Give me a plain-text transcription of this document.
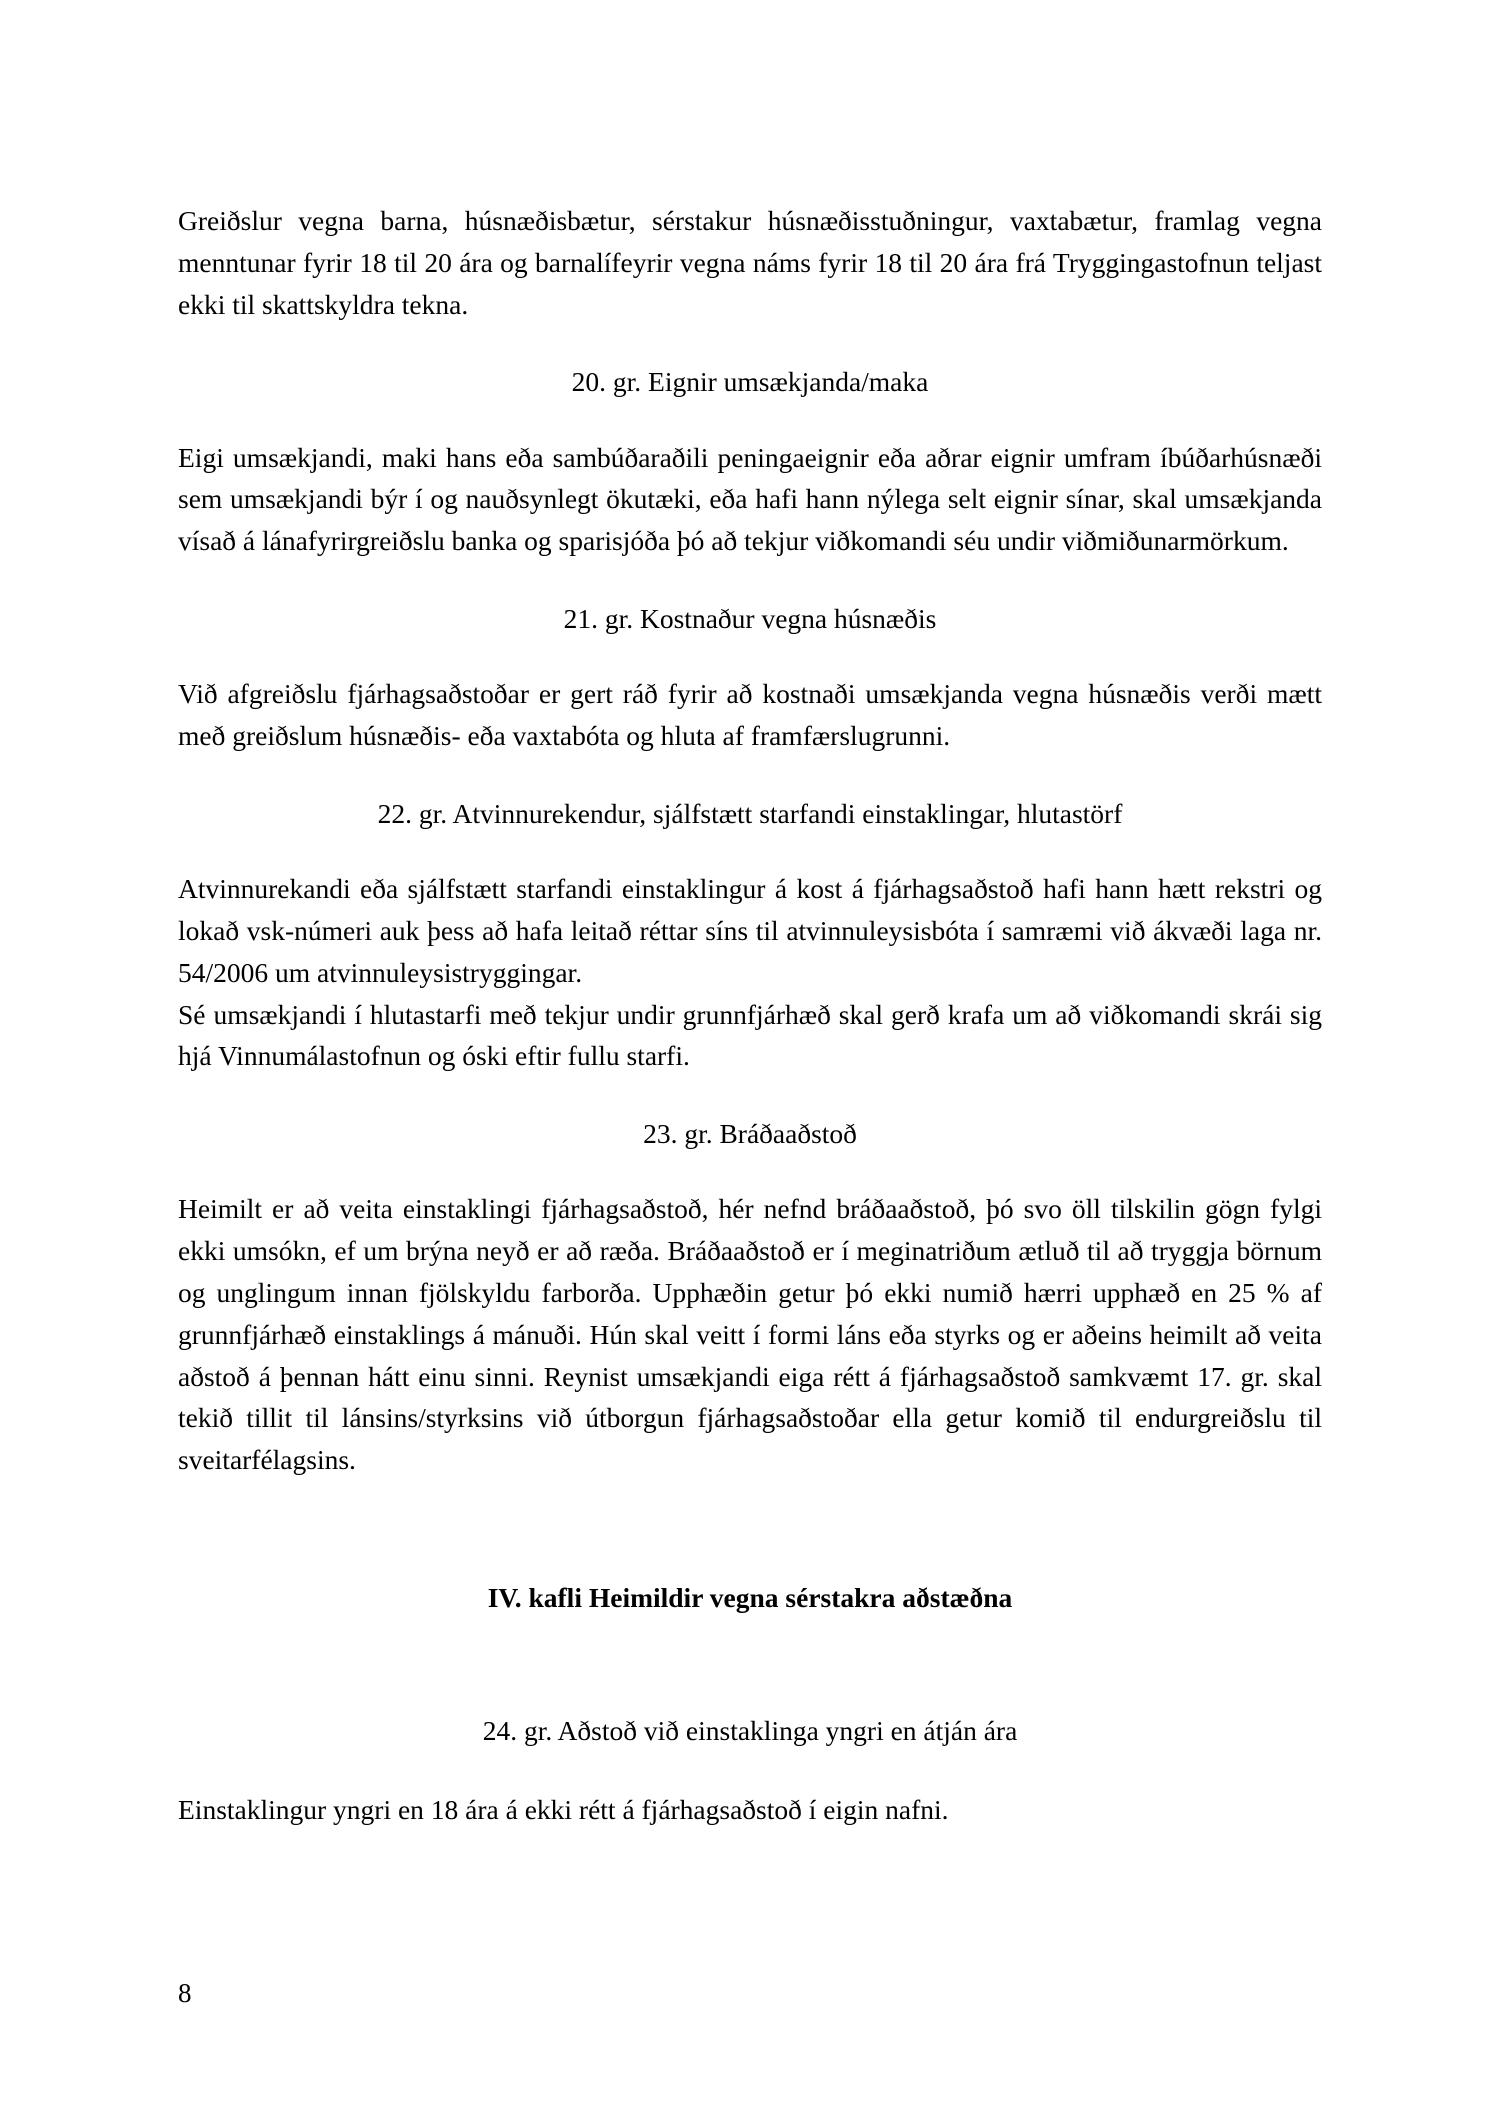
Greiðslur vegna barna, húsnæðisbætur, sérstakur húsnæðisstuðningur, vaxtabætur, framlag vegna menntunar fyrir 18 til 20 ára og barnalífeyrir vegna náms fyrir 18 til 20 ára frá Tryggingastofnun teljast ekki til skattskyldra tekna.

20. gr. Eignir umsækjanda/maka

Eigi umsækjandi, maki hans eða sambúðaraðili peningaeignir eða aðrar eignir umfram íbúðarhúsnæði sem umsækjandi býr í og nauðsynlegt ökutæki, eða hafi hann nýlega selt eignir sínar, skal umsækjanda vísað á lánafyrirgreiðslu banka og sparisjóða þó að tekjur viðkomandi séu undir viðmiðunarmörkum.

21. gr. Kostnaður vegna húsnæðis

Við afgreiðslu fjárhagsaðstoðar er gert ráð fyrir að kostnaði umsækjanda vegna húsnæðis verði mætt með greiðslum húsnæðis- eða vaxtabóta og hluta af framfærslugrunni.

22. gr. Atvinnurekendur, sjálfstætt starfandi einstaklingar, hlutastörf

Atvinnurekandi eða sjálfstætt starfandi einstaklingur á kost á fjárhagsaðstoð hafi hann hætt rekstri og lokað vsk-númeri auk þess að hafa leitað réttar síns til atvinnuleysisbóta í samræmi við ákvæði laga nr. 54/2006 um atvinnuleysistryggingar.

Sé umsækjandi í hlutastarfi með tekjur undir grunnfjárhæð skal gerð krafa um að viðkomandi skrái sig hjá Vinnumálastofnun og óski eftir fullu starfi.

23. gr. Bráðaaðstoð

Heimilt er að veita einstaklingi fjárhagsaðstoð, hér nefnd bráðaaðstoð, þó svo öll tilskilin gögn fylgi ekki umsókn, ef um brýna neyð er að ræða. Bráðaaðstoð er í meginatriðum ætluð til að tryggja börnum og unglingum innan fjölskyldu farborða. Upphæðin getur þó ekki numið hærri upphæð en 25 % af grunnfjárhæð einstaklings á mánuði. Hún skal veitt í formi láns eða styrks og er aðeins heimilt að veita aðstoð á þennan hátt einu sinni. Reynist umsækjandi eiga rétt á fjárhagsaðstoð samkvæmt 17. gr. skal tekið tillit til lánsins/styrksins við útborgun fjárhagsaðstoðar ella getur komið til endurgreiðslu til sveitarfélagsins.

IV. kafli Heimildir vegna sérstakra aðstæðna

24. gr. Aðstoð við einstaklinga yngri en átján ára

Einstaklingur yngri en 18 ára á ekki rétt á fjárhagsaðstoð í eigin nafni.

8
